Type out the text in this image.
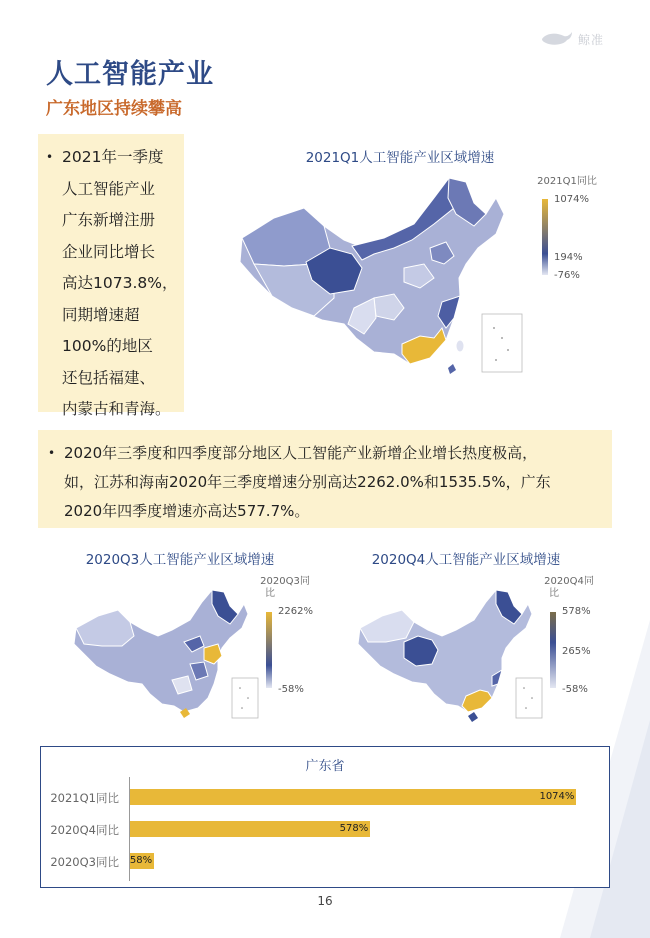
鲸准
人工智能产业
广东地区持续攀高
• 2021年一季度
人工智能产业
广东新增注册
企业同比增长
高达1073.8%，
同期增速超
100%的地区
还包括福建、
内蒙古和青海。
2021Q1人工智能产业区域增速
2021Q1同比
1074%
194%
-76%
• 2020年三季度和四季度部分地区人工智能产业新增企业增长热度极高，
如，江苏和海南2020年三季度增速分别高达2262.0%和1535.5%，广东
2020年四季度增速亦高达577.7%。
2020Q3人工智能产业区域增速
2020Q3同
比
2262%
-58%
2020Q4人工智能产业区域增速
2020Q4同
比
578%
265%
-58%
广东省
2021Q1同比	1074%
2020Q4同比	578%
2020Q3同比	58%
16
